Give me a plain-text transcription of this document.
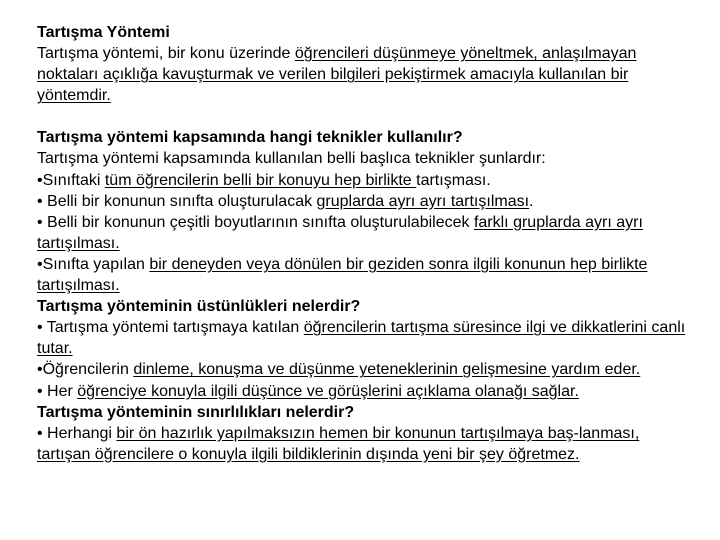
Tartışma Yöntemi

Tartışma yöntemi, bir konu üzerinde öğrencileri düşünmeye yöneltmek, anlaşılmayan noktaları açıklığa kavuşturmak ve verilen bilgileri pekiştirmek amacıyla kullanılan bir yöntemdir.

Tartışma yöntemi kapsamında hangi teknikler kullanılır?

Tartışma yöntemi kapsamında kullanılan belli başlıca teknikler şunlardır:

•Sınıftaki tüm öğrencilerin belli bir konuyu hep birlikte tartışması.

• Belli bir konunun sınıfta oluşturulacak gruplarda ayrı ayrı tartışılması.

• Belli bir konunun çeşitli boyutlarının sınıfta oluşturulabilecek farklı gruplarda ayrı ayrı tartışılması.

•Sınıfta yapılan bir deneyden veya dönülen bir geziden sonra ilgili konunun hep birlikte tartışılması.

Tartışma yönteminin üstünlükleri nelerdir?

• Tartışma yöntemi tartışmaya katılan öğrencilerin tartışma süresince ilgi ve dikkatlerini canlı tutar.

•Öğrencilerin dinleme, konuşma ve düşünme yeteneklerinin gelişmesine yardım eder.

• Her öğrenciye konuyla ilgili düşünce ve görüşlerini açıklama olanağı sağlar.

Tartışma yönteminin sınırlılıkları nelerdir?

• Herhangi bir ön hazırlık yapılmaksızın hemen bir konunun tartışılmaya baş-lanması, tartışan öğrencilere o konuyla ilgili bildiklerinin dışında yeni bir şey öğretmez.
